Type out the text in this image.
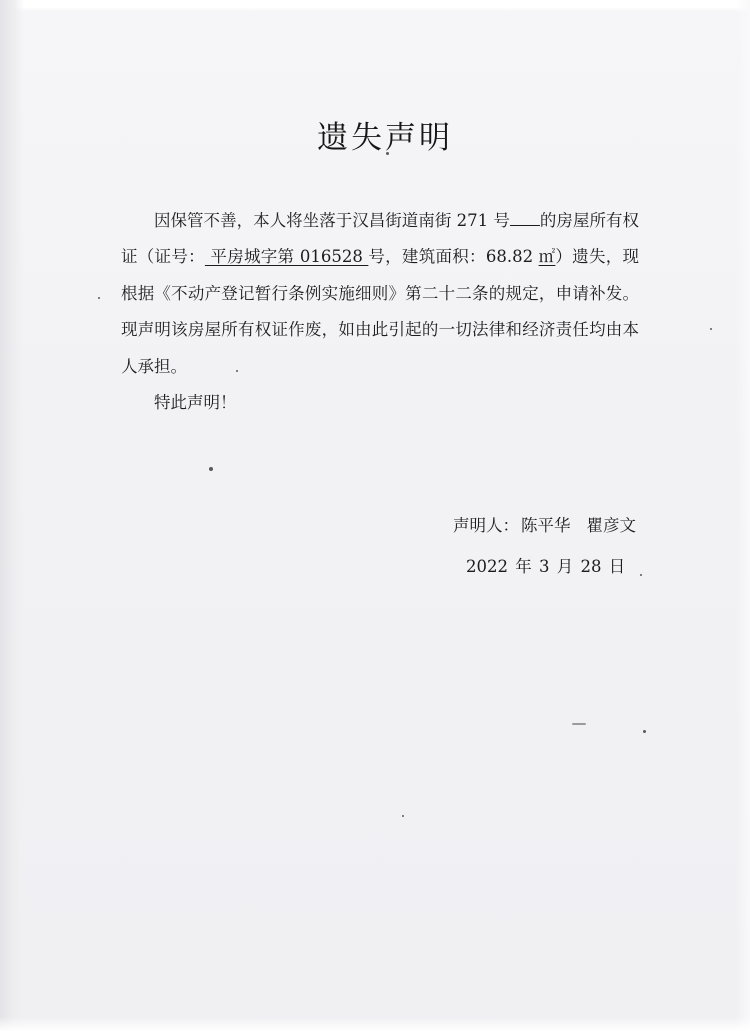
遗失声明

因保管不善，本人将坐落于汉昌街道南街 271 号 的房屋所有权证（证号： 平房城字第 016528 号，建筑面积：68.82 ㎡）遗失，现根据《不动产登记暂行条例实施细则》第二十二条的规定，申请补发。现声明该房屋所有权证作废，如由此引起的一切法律和经济责任均由本人承担。

特此声明！

声明人： 陈平华 瞿彦文
2022 年 3 月 28 日
